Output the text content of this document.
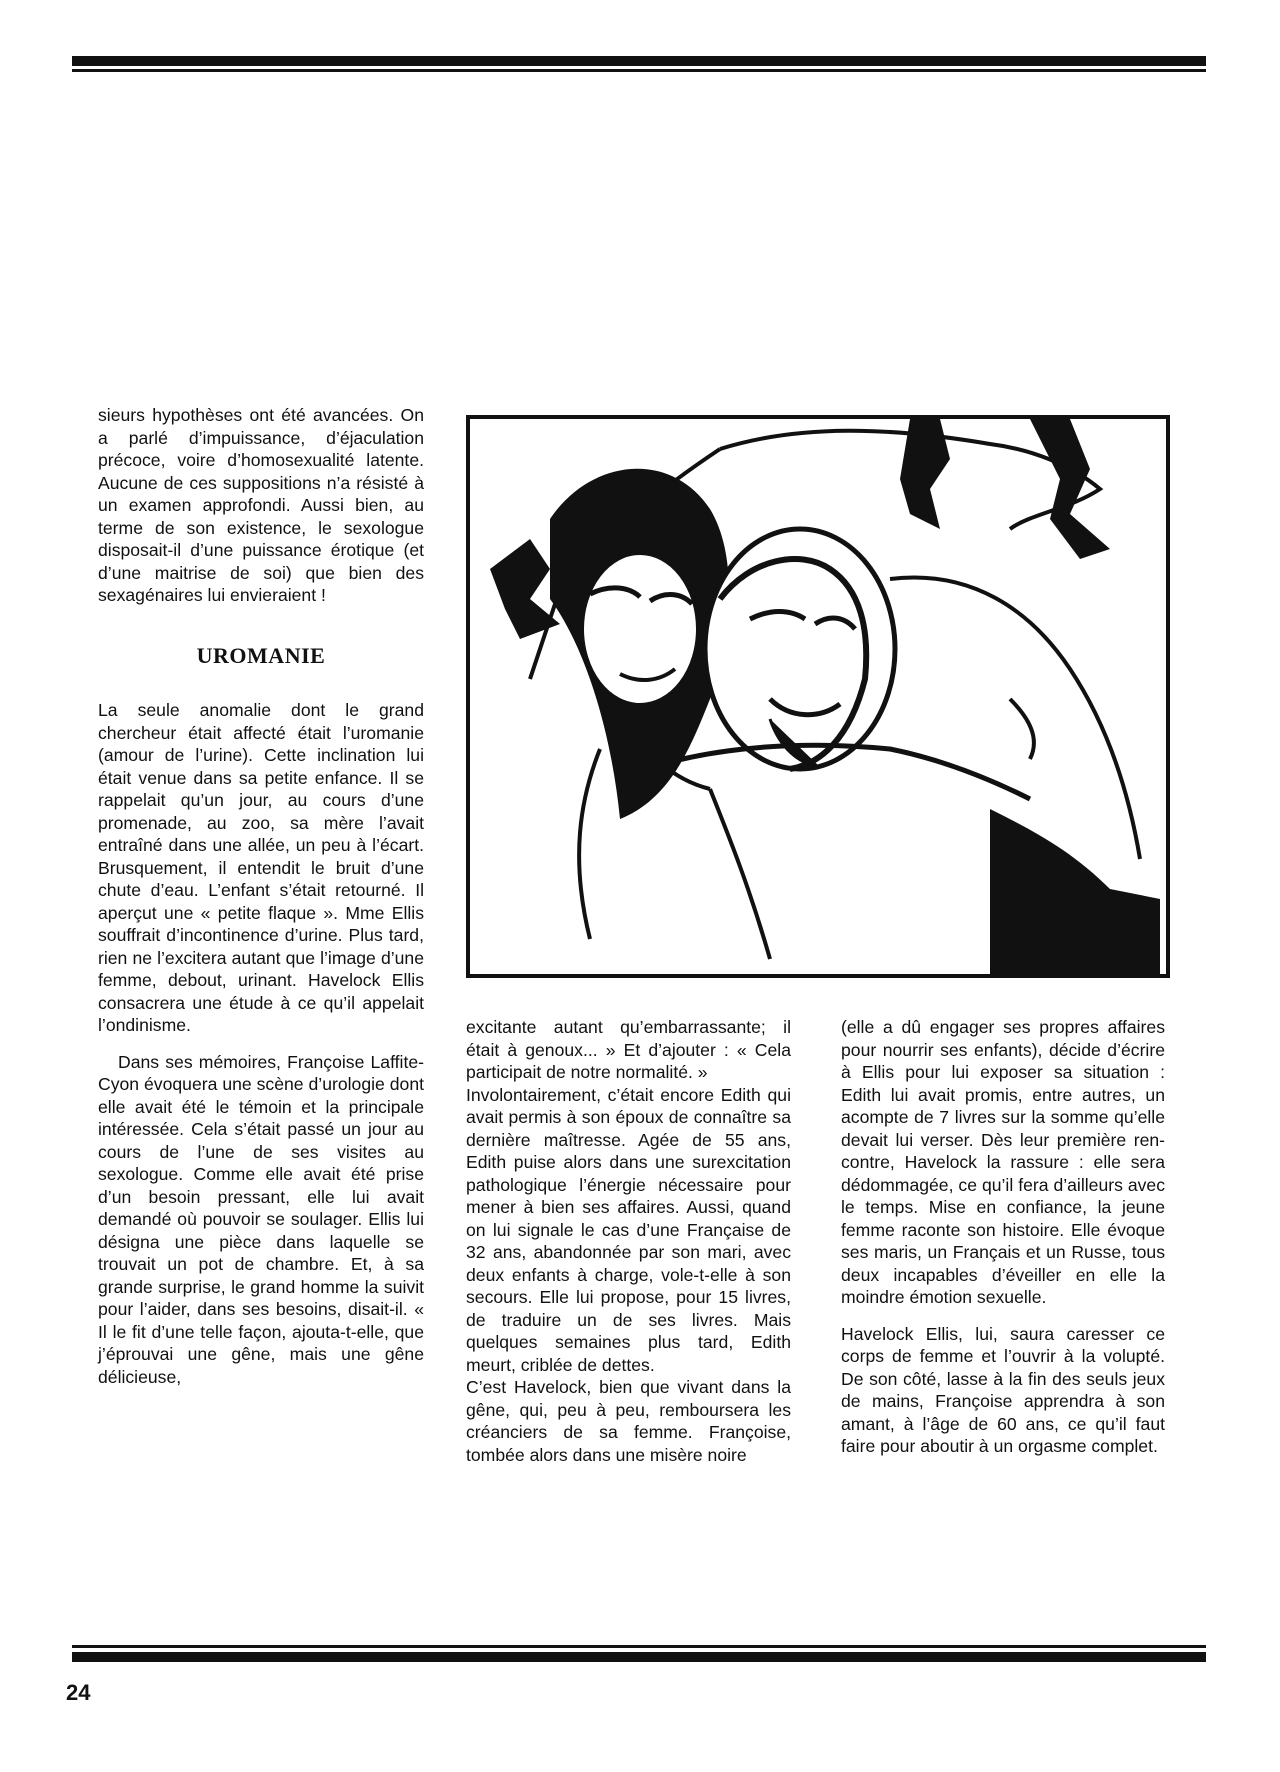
sieurs hypothèses ont été avancées. On a parlé d’impuissance, d’éjaculation précoce, voire d’homosexualité latente. Aucune de ces suppositions n’a résisté à un examen approfondi. Aussi bien, au terme de son existence, le sexologue disposait-il d’une puissance érotique (et d’une maitrise de soi) que bien des sexagénaires lui envieraient !

UROMANIE

La seule anomalie dont le grand chercheur était affecté était l’uromanie (amour de l’urine). Cette inclination lui était venue dans sa petite enfance. Il se rappelait qu’un jour, au cours d’une promenade, au zoo, sa mère l’avait entraîné dans une allée, un peu à l’écart. Brusquement, il entendit le bruit d’une chute d’eau. L’enfant s’était retourné. Il aperçut une « petite flaque ». Mme Ellis souffrait d’incontinence d’urine. Plus tard, rien ne l’excitera autant que l’image d’une femme, debout, urinant. Havelock Ellis consacrera une étude à ce qu’il appelait l’ondinisme.

Dans ses mémoires, Françoise Laffite-Cyon évoquera une scène d’urologie dont elle avait été le témoin et la principale intéressée. Cela s’était passé un jour au cours de l’une de ses visites au sexologue. Comme elle avait été prise d’un besoin pressant, elle lui avait demandé où pouvoir se soulager. Ellis lui désigna une pièce dans laquelle se trouvait un pot de chambre. Et, à sa grande surprise, le grand homme la suivit pour l’aider, dans ses besoins, disait-il. « Il le fit d’une telle façon, ajouta-t-elle, que j’éprouvai une gêne, mais une gêne délicieuse,

excitante autant qu’embarrassante; il était à genoux... » Et d’ajouter : « Cela participait de notre normalité. »

Involontairement, c’était encore Edith qui avait permis à son époux de connaître sa dernière maîtresse. Agée de 55 ans, Edith puise alors dans une surexcitation pathologique l’énergie nécessaire pour mener à bien ses affaires. Aussi, quand on lui signale le cas d’une Française de 32 ans, abandonnée par son mari, avec deux enfants à charge, vole-t-elle à son secours. Elle lui propose, pour 15 livres, de traduire un de ses livres. Mais quelques semaines plus tard, Edith meurt, criblée de dettes.

C’est Havelock, bien que vivant dans la gêne, qui, peu à peu, remboursera les créanciers de sa femme. Françoise, tombée alors dans une misère noire

(elle a dû engager ses propres affaires pour nourrir ses enfants), décide d’écrire à Ellis pour lui exposer sa situation : Edith lui avait promis, entre autres, un acompte de 7 livres sur la somme qu’elle devait lui verser. Dès leur première rencontre, Havelock la rassure : elle sera dédommagée, ce qu’il fera d’ailleurs avec le temps. Mise en confiance, la jeune femme raconte son histoire. Elle évoque ses maris, un Français et un Russe, tous deux incapables d’éveiller en elle la moindre émotion sexuelle.

Havelock Ellis, lui, saura caresser ce corps de femme et l’ouvrir à la volupté. De son côté, lasse à la fin des seuls jeux de mains, Françoise apprendra à son amant, à l’âge de 60 ans, ce qu’il faut faire pour aboutir à un orgasme complet.

24
